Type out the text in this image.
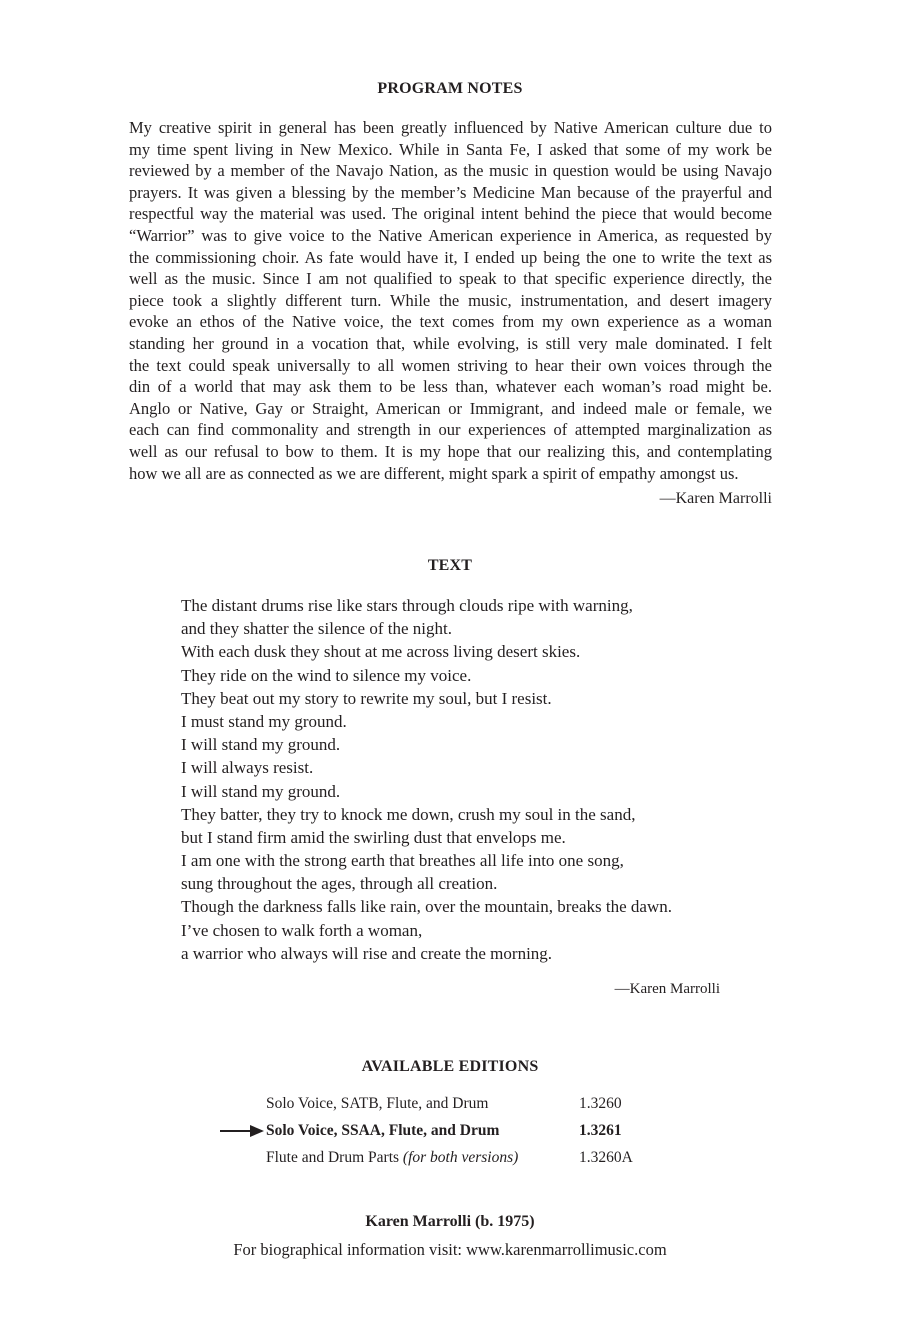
PROGRAM NOTES
My creative spirit in general has been greatly influenced by Native American culture due to
my time spent living in New Mexico. While in Santa Fe, I asked that some of my work be
reviewed by a member of the Navajo Nation, as the music in question would be using Navajo
prayers. It was given a blessing by the member’s Medicine Man because of the prayerful and
respectful way the material was used. The original intent behind the piece that would become
“Warrior” was to give voice to the Native American experience in America, as requested by
the commissioning choir. As fate would have it, I ended up being the one to write the text as
well as the music. Since I am not qualified to speak to that specific experience directly, the
piece took a slightly different turn. While the music, instrumentation, and desert imagery
evoke an ethos of the Native voice, the text comes from my own experience as a woman
standing her ground in a vocation that, while evolving, is still very male dominated. I felt
the text could speak universally to all women striving to hear their own voices through the
din of a world that may ask them to be less than, whatever each woman’s road might be.
Anglo or Native, Gay or Straight, American or Immigrant, and indeed male or female, we
each can find commonality and strength in our experiences of attempted marginalization as
well as our refusal to bow to them. It is my hope that our realizing this, and contemplating
how we all are as connected as we are different, might spark a spirit of empathy amongst us.
—Karen Marrolli
TEXT
The distant drums rise like stars through clouds ripe with warning,
and they shatter the silence of the night.
With each dusk they shout at me across living desert skies.
They ride on the wind to silence my voice.
They beat out my story to rewrite my soul, but I resist.
I must stand my ground.
I will stand my ground.
I will always resist.
I will stand my ground.
They batter, they try to knock me down, crush my soul in the sand,
but I stand firm amid the swirling dust that envelops me.
I am one with the strong earth that breathes all life into one song,
sung throughout the ages, through all creation.
Though the darkness falls like rain, over the mountain, breaks the dawn.
I’ve chosen to walk forth a woman,
a warrior who always will rise and create the morning.
—Karen Marrolli
AVAILABLE EDITIONS
Solo Voice, SATB, Flute, and Drum	1.3260
Solo Voice, SSAA, Flute, and Drum	1.3261
Flute and Drum Parts (for both versions)	1.3260A
Karen Marrolli (b. 1975)
For biographical information visit: www.karenmarrollimusic.com
